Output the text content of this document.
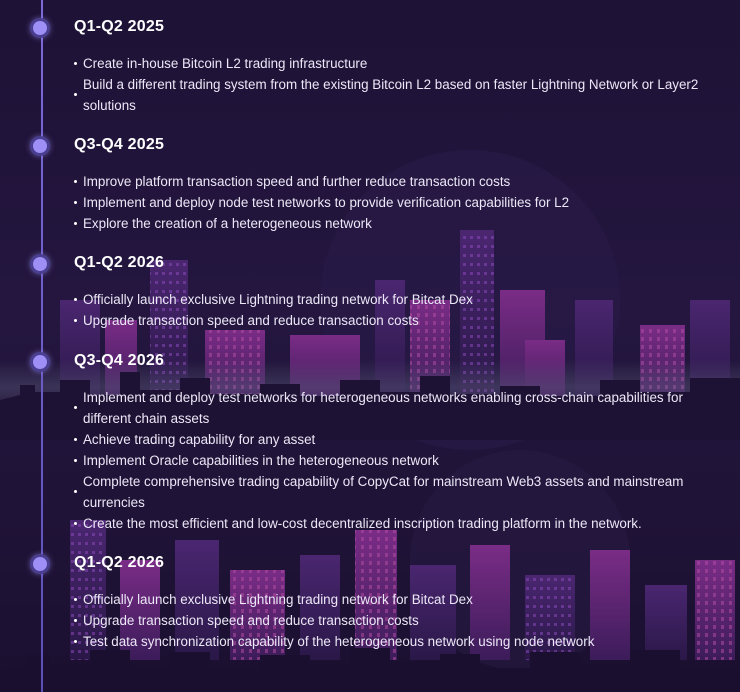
Q1-Q2 2025
Create in-house Bitcoin L2 trading infrastructure
Build a different trading system from the existing Bitcoin L2 based on faster Lightning Network or Layer2 solutions
Q3-Q4 2025
Improve platform transaction speed and further reduce transaction costs
Implement and deploy node test networks to provide verification capabilities for L2
Explore the creation of a heterogeneous network
Q1-Q2 2026
Officially launch exclusive Lightning trading network for Bitcat Dex
Upgrade transaction speed and reduce transaction costs
Q3-Q4 2026
Implement and deploy test networks for heterogeneous networks enabling cross-chain capabilities for different chain assets
Achieve trading capability for any asset
Implement Oracle capabilities in the heterogeneous network
Complete comprehensive trading capability of CopyCat for mainstream Web3 assets and mainstream currencies
Create the most efficient and low-cost decentralized inscription trading platform in the network.
Q1-Q2 2026
Officially launch exclusive Lightning trading network for Bitcat Dex
Upgrade transaction speed and reduce transaction costs
Test data synchronization capability of the heterogeneous network using node network
